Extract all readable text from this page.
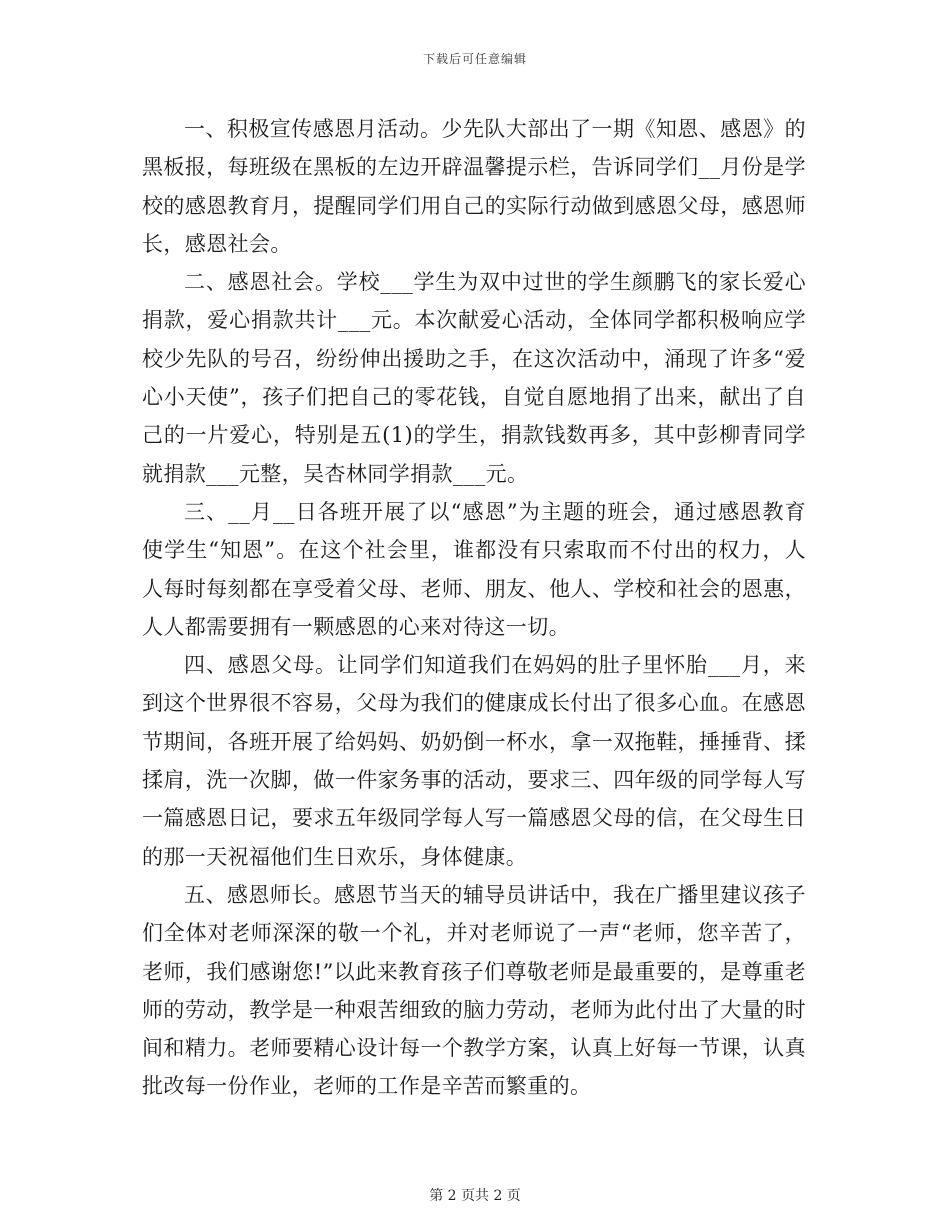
下载后可任意编辑

一、积极宣传感恩月活动。少先队大部出了一期《知恩、感恩》的黑板报，每班级在黑板的左边开辟温馨提示栏，告诉同学们__月份是学校的感恩教育月，提醒同学们用自己的实际行动做到感恩父母，感恩师长，感恩社会。

二、感恩社会。学校___学生为双中过世的学生颜鹏飞的家长爱心捐款，爱心捐款共计___元。本次献爱心活动，全体同学都积极响应学校少先队的号召，纷纷伸出援助之手，在这次活动中，涌现了许多“爱心小天使”，孩子们把自己的零花钱，自觉自愿地捐了出来，献出了自己的一片爱心，特别是五(1)的学生，捐款钱数再多，其中彭柳青同学就捐款___元整，吴杏林同学捐款___元。

三、__月__日各班开展了以“感恩”为主题的班会，通过感恩教育使学生“知恩”。在这个社会里，谁都没有只索取而不付出的权力，人人每时每刻都在享受着父母、老师、朋友、他人、学校和社会的恩惠，人人都需要拥有一颗感恩的心来对待这一切。

四、感恩父母。让同学们知道我们在妈妈的肚子里怀胎___月，来到这个世界很不容易，父母为我们的健康成长付出了很多心血。在感恩节期间，各班开展了给妈妈、奶奶倒一杯水，拿一双拖鞋，捶捶背、揉揉肩，洗一次脚，做一件家务事的活动，要求三、四年级的同学每人写一篇感恩日记，要求五年级同学每人写一篇感恩父母的信，在父母生日的那一天祝福他们生日欢乐，身体健康。

五、感恩师长。感恩节当天的辅导员讲话中，我在广播里建议孩子们全体对老师深深的敬一个礼，并对老师说了一声“老师，您辛苦了，老师，我们感谢您!”以此来教育孩子们尊敬老师是最重要的，是尊重老师的劳动，教学是一种艰苦细致的脑力劳动，老师为此付出了大量的时间和精力。老师要精心设计每一个教学方案，认真上好每一节课，认真批改每一份作业，老师的工作是辛苦而繁重的。

第 2 页共 2 页
